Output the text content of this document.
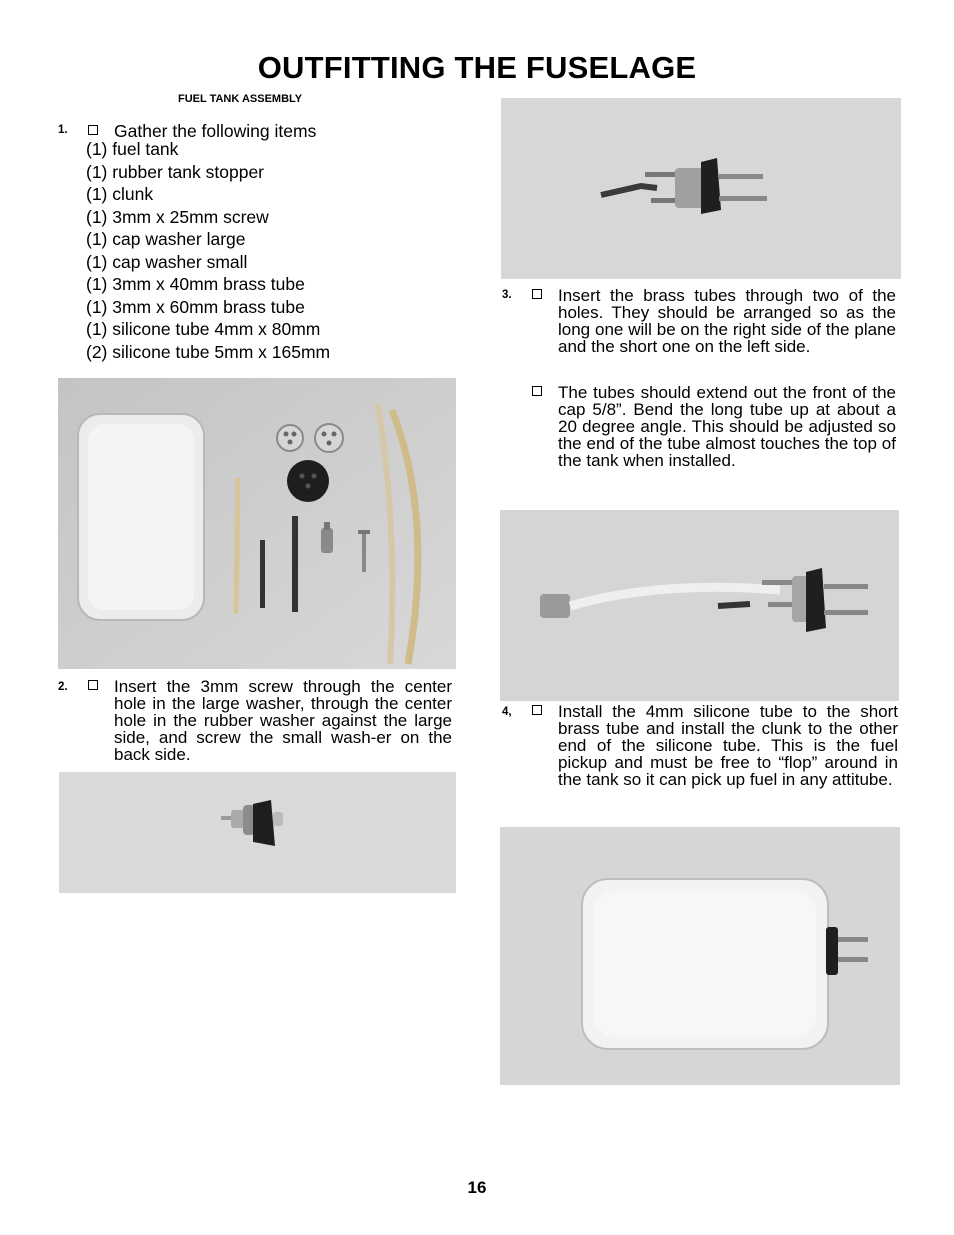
OUTFITTING THE FUSELAGE
FUEL TANK ASSEMBLY
1.	Gather the following items
(1) fuel tank
(1) rubber tank stopper
(1) clunk
(1) 3mm x 25mm screw
(1) cap washer large
(1) cap washer small
(1) 3mm x 40mm brass tube
(1) 3mm x 60mm brass tube
(1) silicone tube 4mm x 80mm
(2) silicone tube 5mm x 165mm
2.	Insert the 3mm screw through the center hole in the large washer, through the center hole in the rubber washer against the large side, and screw the small wash-er on the back side.
3.	Insert the brass tubes through two of the holes. They should be arranged so as the long one will be on the right side of the plane and the short one on the left side.
The tubes should extend out the front of the cap 5/8”. Bend the long tube up at about a 20 degree angle. This should be adjusted so the end of the tube almost touches the top of the tank when installed.
4,	Install the 4mm silicone tube to the short brass tube and install the clunk to the other end of the silicone tube. This is the fuel pickup and must be free to “flop” around in the tank so it can pick up fuel in any attitube.
16
